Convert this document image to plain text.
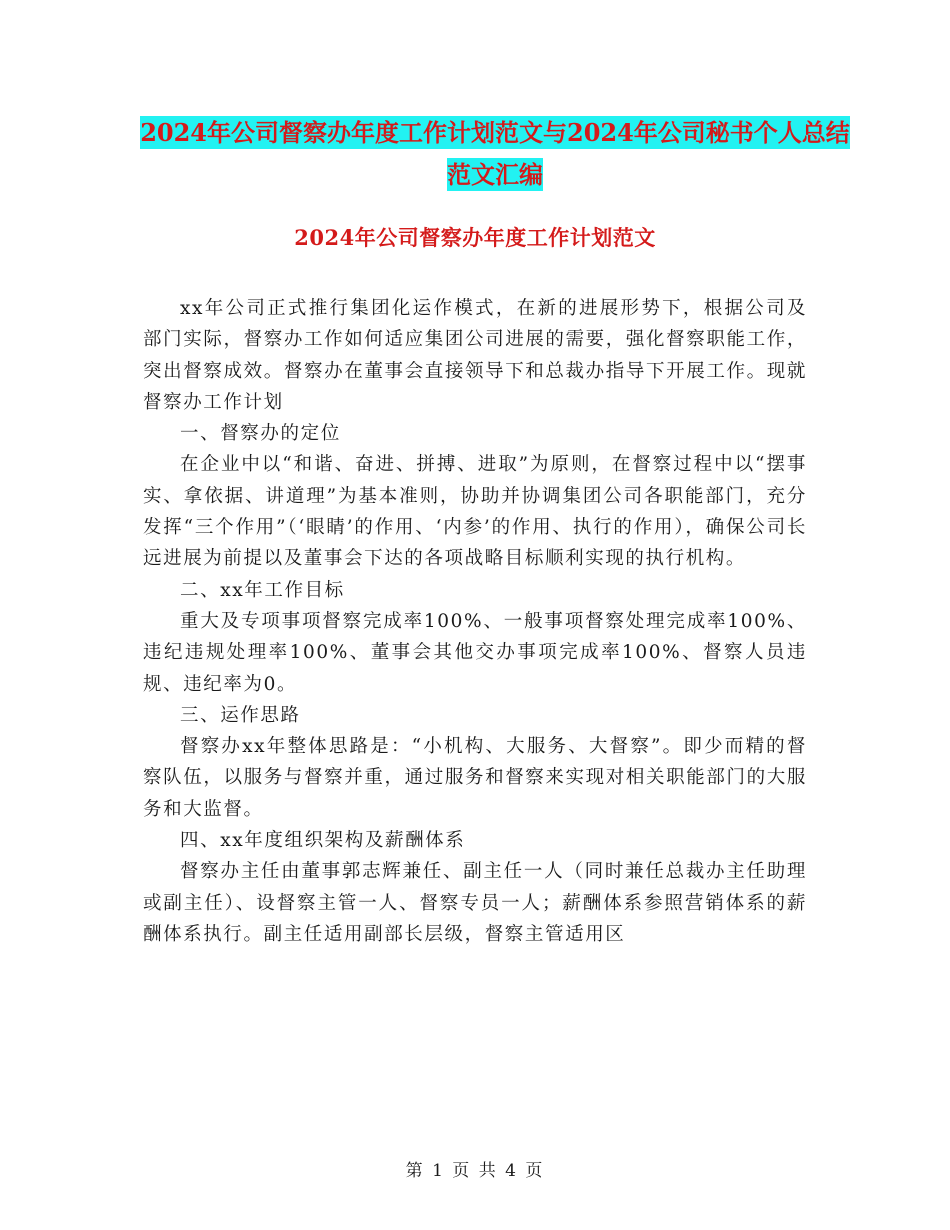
2024年公司督察办年度工作计划范文与2024年公司秘书个人总结范文汇编
2024年公司督察办年度工作计划范文

xx年公司正式推行集团化运作模式，在新的进展形势下，根据公司及部门实际，督察办工作如何适应集团公司进展的需要，强化督察职能工作，突出督察成效。督察办在董事会直接领导下和总裁办指导下开展工作。现就督察办工作计划

一、督察办的定位

在企业中以“和谐、奋进、拼搏、进取”为原则，在督察过程中以“摆事实、拿依据、讲道理”为基本准则，协助并协调集团公司各职能部门，充分发挥“三个作用”（‘眼睛’的作用、‘内参’的作用、执行的作用），确保公司长远进展为前提以及董事会下达的各项战略目标顺利实现的执行机构。

二、xx年工作目标

重大及专项事项督察完成率100%、一般事项督察处理完成率100%、违纪违规处理率100%、董事会其他交办事项完成率100%、督察人员违规、违纪率为0。

三、运作思路

督察办xx年整体思路是：“小机构、大服务、大督察”。即少而精的督察队伍，以服务与督察并重，通过服务和督察来实现对相关职能部门的大服务和大监督。

四、xx年度组织架构及薪酬体系

督察办主任由董事郭志辉兼任、副主任一人（同时兼任总裁办主任助理或副主任）、设督察主管一人、督察专员一人；薪酬体系参照营销体系的薪酬体系执行。副主任适用副部长层级，督察主管适用区

第 1 页 共 4 页
